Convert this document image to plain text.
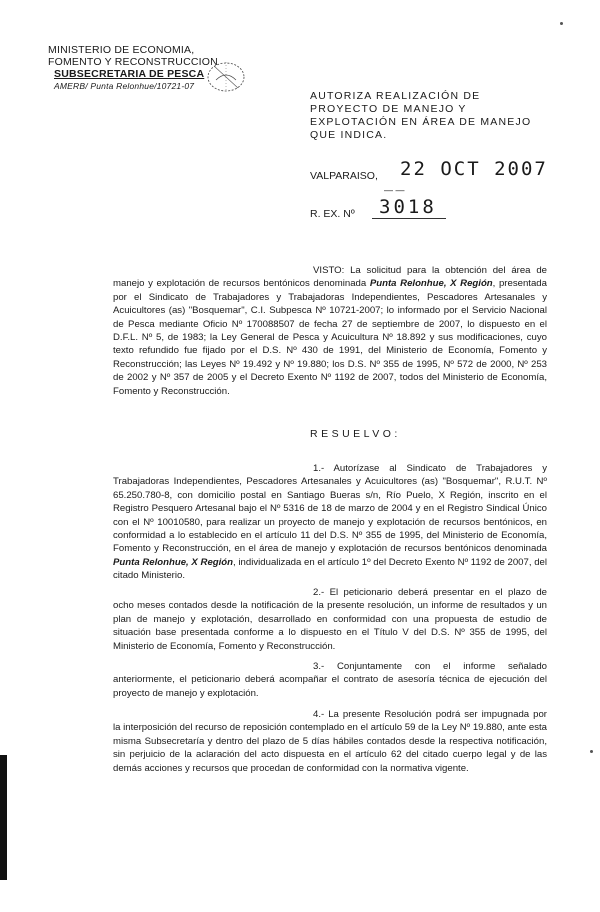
MINISTERIO DE ECONOMIA,
FOMENTO Y RECONSTRUCCION
SUBSECRETARIA DE PESCA
AMERB/ Punta Relonhue/10721-07
AUTORIZA REALIZACIÓN DE PROYECTO DE MANEJO Y EXPLOTACIÓN EN ÁREA DE MANEJO QUE INDICA.
VALPARAISO, 22 OCT 2007
— —
R. EX. Nº 3018
VISTO: La solicitud para la obtención del área de manejo y explotación de recursos bentónicos denominada Punta Relonhue, X Región, presentada por el Sindicato de Trabajadores y Trabajadoras Independientes, Pescadores Artesanales y Acuicultores (as) "Bosquemar", C.I. Subpesca Nº 10721-2007; lo informado por el Servicio Nacional de Pesca mediante Oficio Nº 170088507 de fecha 27 de septiembre de 2007, lo dispuesto en el D.F.L. Nº 5, de 1983; la Ley General de Pesca y Acuicultura Nº 18.892 y sus modificaciones, cuyo texto refundido fue fijado por el D.S. Nº 430 de 1991, del Ministerio de Economía, Fomento y Reconstrucción; las Leyes Nº 19.492 y Nº 19.880; los D.S. Nº 355 de 1995, Nº 572 de 2000, Nº 253 de 2002 y Nº 357 de 2005 y el Decreto Exento Nº 1192 de 2007, todos del Ministerio de Economía, Fomento y Reconstrucción.
RESUELVO:
1.- Autorízase al Sindicato de Trabajadores y Trabajadoras Independientes, Pescadores Artesanales y Acuicultores (as) "Bosquemar", R.U.T. Nº 65.250.780-8, con domicilio postal en Santiago Bueras s/n, Río Puelo, X Región, inscrito en el Registro Pesquero Artesanal bajo el Nº 5316 de 18 de marzo de 2004 y en el Registro Sindical Único con el Nº 10010580, para realizar un proyecto de manejo y explotación de recursos bentónicos, en conformidad a lo establecido en el artículo 11 del D.S. Nº 355 de 1995, del Ministerio de Economía, Fomento y Reconstrucción, en el área de manejo y explotación de recursos bentónicos denominada Punta Relonhue, X Región, individualizada en el artículo 1º del Decreto Exento Nº 1192 de 2007, del citado Ministerio.
2.- El peticionario deberá presentar en el plazo de ocho meses contados desde la notificación de la presente resolución, un informe de resultados y un plan de manejo y explotación, desarrollado en conformidad con una propuesta de estudio de situación base presentada conforme a lo dispuesto en el Título V del D.S. Nº 355 de 1995, del Ministerio de Economía, Fomento y Reconstrucción.
3.- Conjuntamente con el informe señalado anteriormente, el peticionario deberá acompañar el contrato de asesoría técnica de ejecución del proyecto de manejo y explotación.
4.- La presente Resolución podrá ser impugnada por la interposición del recurso de reposición contemplado en el artículo 59 de la Ley Nº 19.880, ante esta misma Subsecretaría y dentro del plazo de 5 días hábiles contados desde la respectiva notificación, sin perjuicio de la aclaración del acto dispuesta en el artículo 62 del citado cuerpo legal y de las demás acciones y recursos que procedan de conformidad con la normativa vigente.
